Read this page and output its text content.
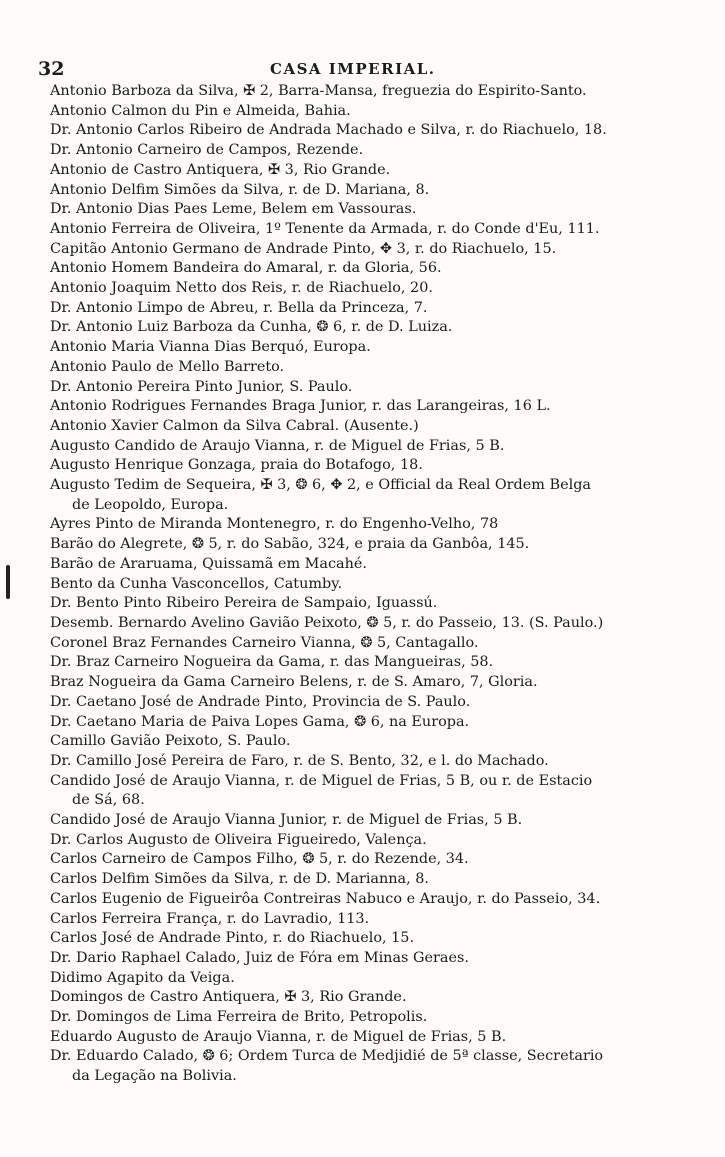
32	CASA IMPERIAL.
Antonio Barboza da Silva, ✠ 2, Barra-Mansa, freguezia do Espirito-Santo.
Antonio Calmon du Pin e Almeida, Bahia.
Dr. Antonio Carlos Ribeiro de Andrada Machado e Silva, r. do Riachuelo, 18.
Dr. Antonio Carneiro de Campos, Rezende.
Antonio de Castro Antiquera, ✠ 3, Rio Grande.
Antonio Delfim Simões da Silva, r. de D. Mariana, 8.
Dr. Antonio Dias Paes Leme, Belem em Vassouras.
Antonio Ferreira de Oliveira, 1º Tenente da Armada, r. do Conde d'Eu, 111.
Capitão Antonio Germano de Andrade Pinto, ✥ 3, r. do Riachuelo, 15.
Antonio Homem Bandeira do Amaral, r. da Gloria, 56.
Antonio Joaquim Netto dos Reis, r. de Riachuelo, 20.
Dr. Antonio Limpo de Abreu, r. Bella da Princeza, 7.
Dr. Antonio Luiz Barboza da Cunha, ❂ 6, r. de D. Luiza.
Antonio Maria Vianna Dias Berquó, Europa.
Antonio Paulo de Mello Barreto.
Dr. Antonio Pereira Pinto Junior, S. Paulo.
Antonio Rodrigues Fernandes Braga Junior, r. das Larangeiras, 16 L.
Antonio Xavier Calmon da Silva Cabral. (Ausente.)
Augusto Candido de Araujo Vianna, r. de Miguel de Frias, 5 B.
Augusto Henrique Gonzaga, praia do Botafogo, 18.
Augusto Tedim de Sequeira, ✠ 3, ❂ 6, ✥ 2, e Official da Real Ordem Belga
de Leopoldo, Europa.
Ayres Pinto de Miranda Montenegro, r. do Engenho-Velho, 78
Barão do Alegrete, ❂ 5, r. do Sabão, 324, e praia da Ganbôa, 145.
Barão de Araruama, Quissamã em Macahé.
Bento da Cunha Vasconcellos, Catumby.
Dr. Bento Pinto Ribeiro Pereira de Sampaio, Iguassú.
Desemb. Bernardo Avelino Gavião Peixoto, ❂ 5, r. do Passeio, 13. (S. Paulo.)
Coronel Braz Fernandes Carneiro Vianna, ❂ 5, Cantagallo.
Dr. Braz Carneiro Nogueira da Gama, r. das Mangueiras, 58.
Braz Nogueira da Gama Carneiro Belens, r. de S. Amaro, 7, Gloria.
Dr. Caetano José de Andrade Pinto, Provincia de S. Paulo.
Dr. Caetano Maria de Paiva Lopes Gama, ❂ 6, na Europa.
Camillo Gavião Peixoto, S. Paulo.
Dr. Camillo José Pereira de Faro, r. de S. Bento, 32, e l. do Machado.
Candido José de Araujo Vianna, r. de Miguel de Frias, 5 B, ou r. de Estacio
de Sá, 68.
Candido José de Araujo Vianna Junior, r. de Miguel de Frias, 5 B.
Dr. Carlos Augusto de Oliveira Figueiredo, Valença.
Carlos Carneiro de Campos Filho, ❂ 5, r. do Rezende, 34.
Carlos Delfim Simões da Silva, r. de D. Marianna, 8.
Carlos Eugenio de Figueirôa Contreiras Nabuco e Araujo, r. do Passeio, 34.
Carlos Ferreira França, r. do Lavradio, 113.
Carlos José de Andrade Pinto, r. do Riachuelo, 15.
Dr. Dario Raphael Calado, Juiz de Fóra em Minas Geraes.
Didimo Agapito da Veiga.
Domingos de Castro Antiquera, ✠ 3, Rio Grande.
Dr. Domingos de Lima Ferreira de Brito, Petropolis.
Eduardo Augusto de Araujo Vianna, r. de Miguel de Frias, 5 B.
Dr. Eduardo Calado, ❂ 6; Ordem Turca de Medjidié de 5ª classe, Secretario
da Legação na Bolivia.
